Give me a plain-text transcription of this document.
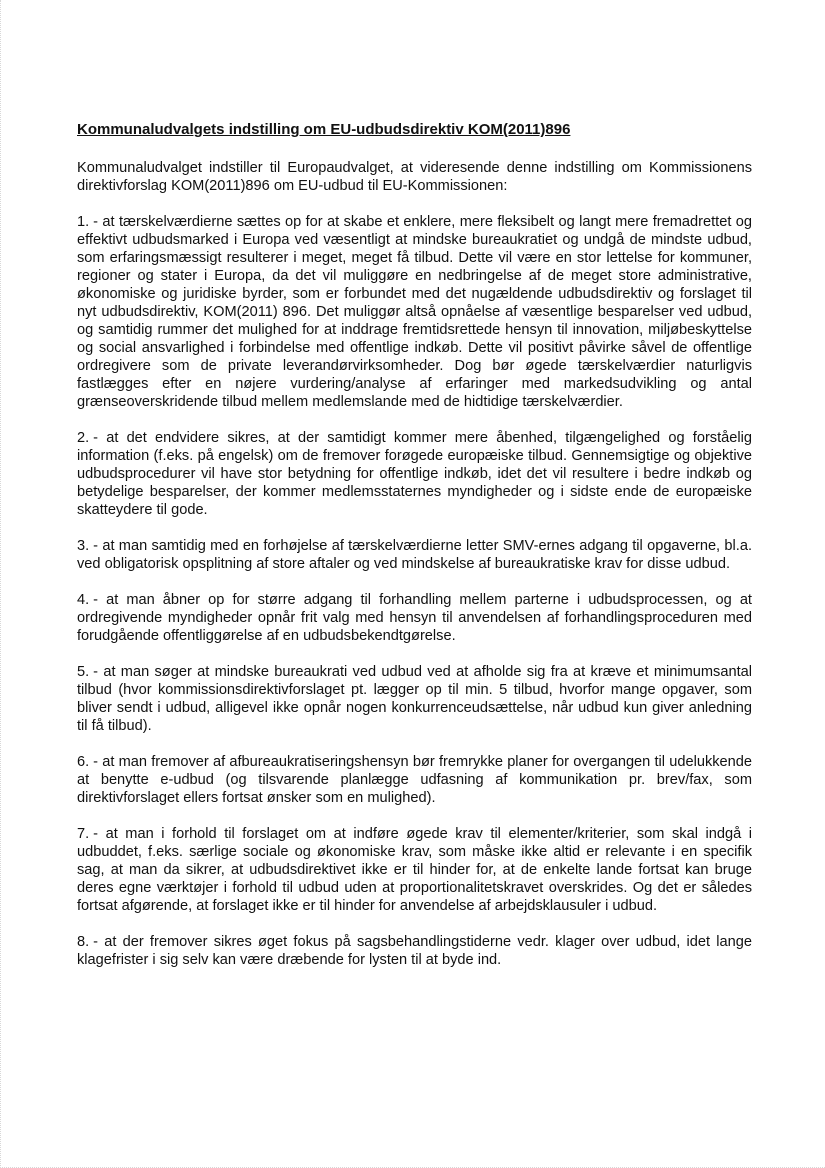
Kommunaludvalgets indstilling om EU-udbudsdirektiv KOM(2011)896
Kommunaludvalget indstiller til Europaudvalget, at videresende denne indstilling om Kommissionens direktivforslag KOM(2011)896 om EU-udbud til EU-Kommissionen:
1. - at tærskelværdierne sættes op for at skabe et enklere, mere fleksibelt og langt mere fremadrettet og effektivt udbudsmarked i Europa ved væsentligt at mindske bureaukratiet og undgå de mindste udbud, som erfaringsmæssigt resulterer i meget, meget få tilbud. Dette vil være en stor lettelse for kommuner, regioner og stater i Europa, da det vil muliggøre en nedbringelse af de meget store administrative, økonomiske og juridiske byrder, som er forbundet med det nugældende udbudsdirektiv og forslaget til nyt udbudsdirektiv, KOM(2011) 896. Det muliggør altså opnåelse af væsentlige besparelser ved udbud, og samtidig rummer det mulighed for at inddrage fremtidsrettede hensyn til innovation, miljøbeskyttelse og social ansvarlighed i forbindelse med offentlige indkøb. Dette vil positivt påvirke såvel de offentlige ordregivere som de private leverandørvirksomheder. Dog bør øgede tærskelværdier naturligvis fastlægges efter en nøjere vurdering/analyse af erfaringer med markedsudvikling og antal grænseoverskridende tilbud mellem medlemslande med de hidtidige tærskelværdier.
2. - at det endvidere sikres, at der samtidigt kommer mere åbenhed, tilgængelighed og forståelig information (f.eks. på engelsk) om de fremover forøgede europæiske tilbud. Gennemsigtige og objektive udbudsprocedurer vil have stor betydning for offentlige indkøb, idet det vil resultere i bedre indkøb og betydelige besparelser, der kommer medlemsstaternes myndigheder og i sidste ende de europæiske skatteydere til gode.
3. - at man samtidig med en forhøjelse af tærskelværdierne letter SMV-ernes adgang til opgaverne, bl.a. ved obligatorisk opsplitning af store aftaler og ved mindskelse af bureaukratiske krav for disse udbud.
4. - at man åbner op for større adgang til forhandling mellem parterne i udbudsprocessen, og at ordregivende myndigheder opnår frit valg med hensyn til anvendelsen af forhandlingsproceduren med forudgående offentliggørelse af en udbudsbekendtgørelse.
5. - at man søger at mindske bureaukrati ved udbud ved at afholde sig fra at kræve et minimumsantal tilbud (hvor kommissionsdirektivforslaget pt. lægger op til min. 5 tilbud, hvorfor mange opgaver, som bliver sendt i udbud, alligevel ikke opnår nogen konkurrenceudsættelse, når udbud kun giver anledning til få tilbud).
6. - at man fremover af afbureaukratiseringshensyn bør fremrykke planer for overgangen til udelukkende at benytte e-udbud (og tilsvarende planlægge udfasning af kommunikation pr. brev/fax, som direktivforslaget ellers fortsat ønsker som en mulighed).
7. - at man i forhold til forslaget om at indføre øgede krav til elementer/kriterier, som skal indgå i udbuddet, f.eks. særlige sociale og økonomiske krav, som måske ikke altid er relevante i en specifik sag, at man da sikrer, at udbudsdirektivet ikke er til hinder for, at de enkelte lande fortsat kan bruge deres egne værktøjer i forhold til udbud uden at proportionalitetskravet overskrides. Og det er således fortsat afgørende, at forslaget ikke er til hinder for anvendelse af arbejdsklausuler i udbud.
8. - at der fremover sikres øget fokus på sagsbehandlingstiderne vedr. klager over udbud, idet lange klagefrister i sig selv kan være dræbende for lysten til at byde ind.
